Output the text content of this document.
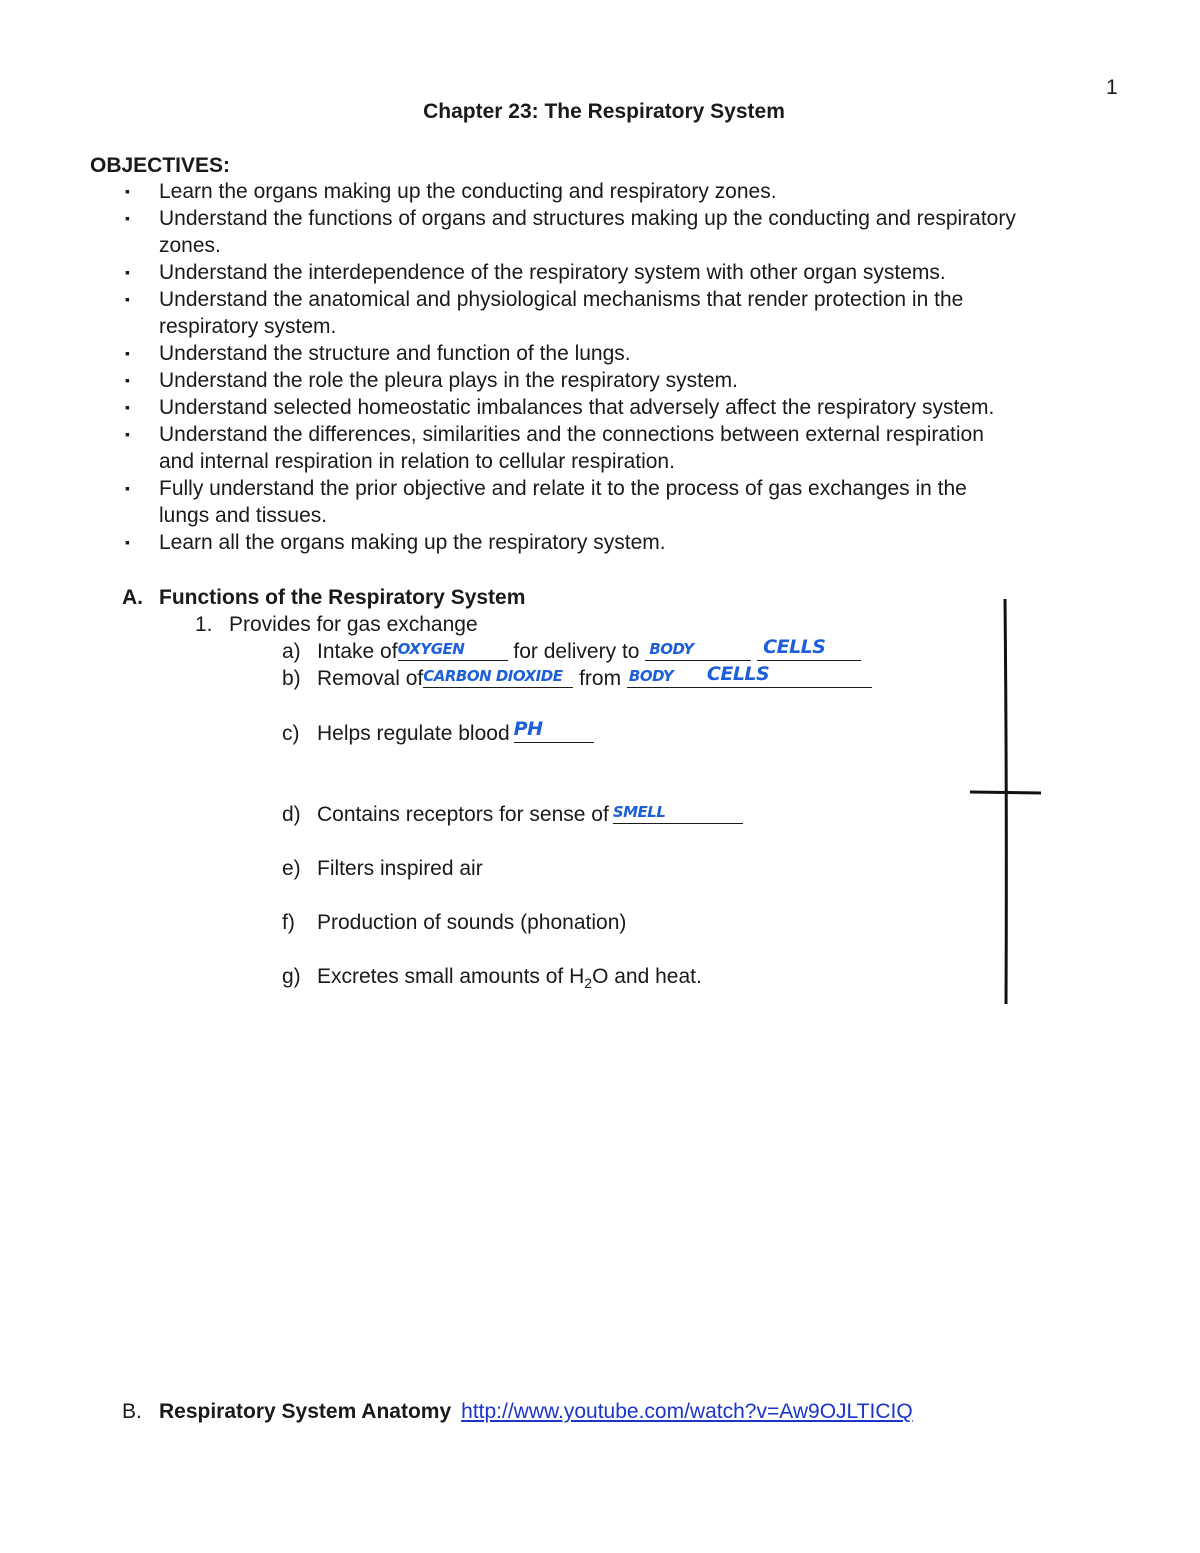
1
Chapter 23: The Respiratory System
OBJECTIVES:
▪ Learn the organs making up the conducting and respiratory zones.
▪ Understand the functions of organs and structures making up the conducting and respiratory
zones.
▪ Understand the interdependence of the respiratory system with other organ systems.
▪ Understand the anatomical and physiological mechanisms that render protection in the
respiratory system.
▪ Understand the structure and function of the lungs.
▪ Understand the role the pleura plays in the respiratory system.
▪ Understand selected homeostatic imbalances that adversely affect the respiratory system.
▪ Understand the differences, similarities and the connections between external respiration
and internal respiration in relation to cellular respiration.
▪ Fully understand the prior objective and relate it to the process of gas exchanges in the
lungs and tissues.
▪ Learn all the organs making up the respiratory system.
A. Functions of the Respiratory System
1. Provides for gas exchange
a) Intake of OXYGEN for delivery to BODY
	CELLS
b) Removal of CARBON DIOXIDE from BODY CELLS
c) Helps regulate blood PH
d) Contains receptors for sense of SMELL
e) Filters inspired air
f) Production of sounds (phonation)
g) Excretes small amounts of $H_2O$ and heat.
B. Respiratory System Anatomy http://www.youtube.com/watch?v=Aw9OJLTICIQ
